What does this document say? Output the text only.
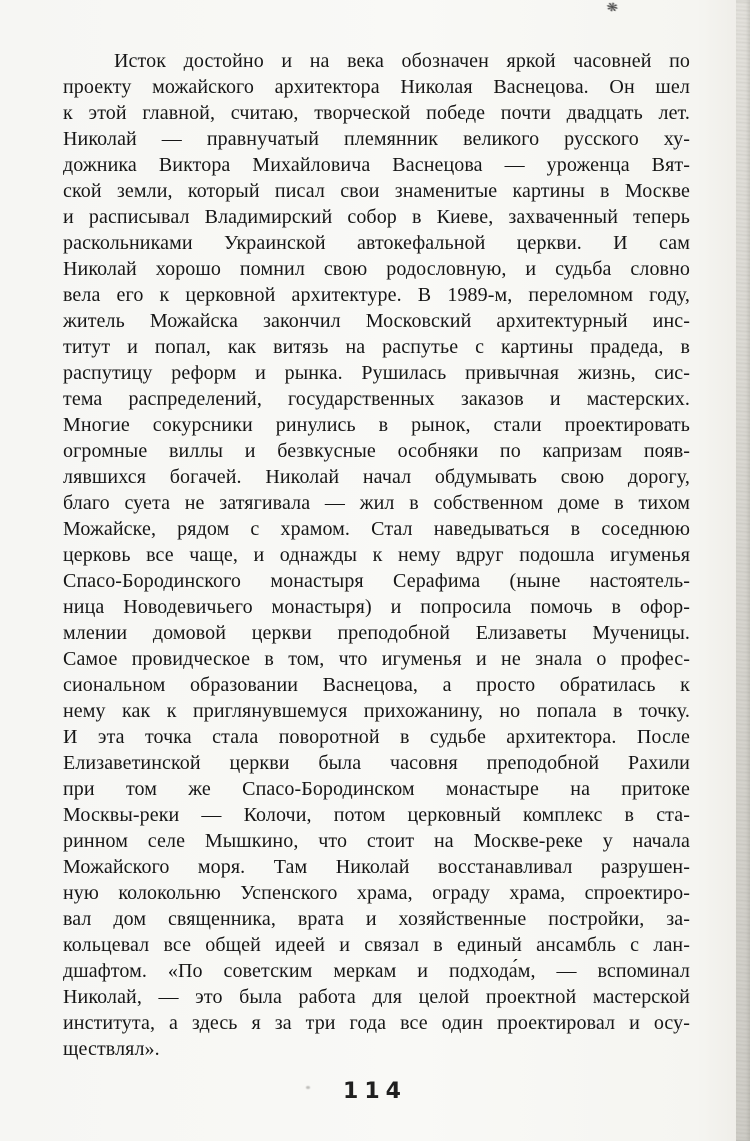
❋
Исток достойно и на века обозначен яркой часовней по
проекту можайского архитектора Николая Васнецова. Он шел
к этой главной, считаю, творческой победе почти двадцать лет.
Николай — правнучатый племянник великого русского ху-
дожника Виктора Михайловича Васнецова — уроженца Вят-
ской земли, который писал свои знаменитые картины в Москве
и расписывал Владимирский собор в Киеве, захваченный теперь
раскольниками Украинской автокефальной церкви. И сам
Николай хорошо помнил свою родословную, и судьба словно
вела его к церковной архитектуре. В 1989-м, переломном году,
житель Можайска закончил Московский архитектурный инс-
титут и попал, как витязь на распутье с картины прадеда, в
распутицу реформ и рынка. Рушилась привычная жизнь, сис-
тема распределений, государственных заказов и мастерских.
Многие сокурсники ринулись в рынок, стали проектировать
огромные виллы и безвкусные особняки по капризам появ-
лявшихся богачей. Николай начал обдумывать свою дорогу,
благо суета не затягивала — жил в собственном доме в тихом
Можайске, рядом с храмом. Стал наведываться в соседнюю
церковь все чаще, и однажды к нему вдруг подошла игуменья
Спасо-Бородинского монастыря Серафима (ныне настоятель-
ница Новодевичьего монастыря) и попросила помочь в офор-
млении домовой церкви преподобной Елизаветы Мученицы.
Самое провидческое в том, что игуменья и не знала о профес-
сиональном образовании Васнецова, а просто обратилась к
нему как к приглянувшемуся прихожанину, но попала в точку.
И эта точка стала поворотной в судьбе архитектора. После
Елизаветинской церкви была часовня преподобной Рахили
при том же Спасо-Бородинском монастыре на притоке
Москвы-реки — Колочи, потом церковный комплекс в ста-
ринном селе Мышкино, что стоит на Москве-реке у начала
Можайского моря. Там Николай восстанавливал разрушен-
ную колокольню Успенского храма, ограду храма, спроектиро-
вал дом священника, врата и хозяйственные постройки, за-
кольцевал все общей идеей и связал в единый ансамбль с лан-
дшафтом. «По советским меркам и подхода́м, — вспоминал
Николай, — это была работа для целой проектной мастерской
института, а здесь я за три года все один проектировал и осу-
ществлял».
114
